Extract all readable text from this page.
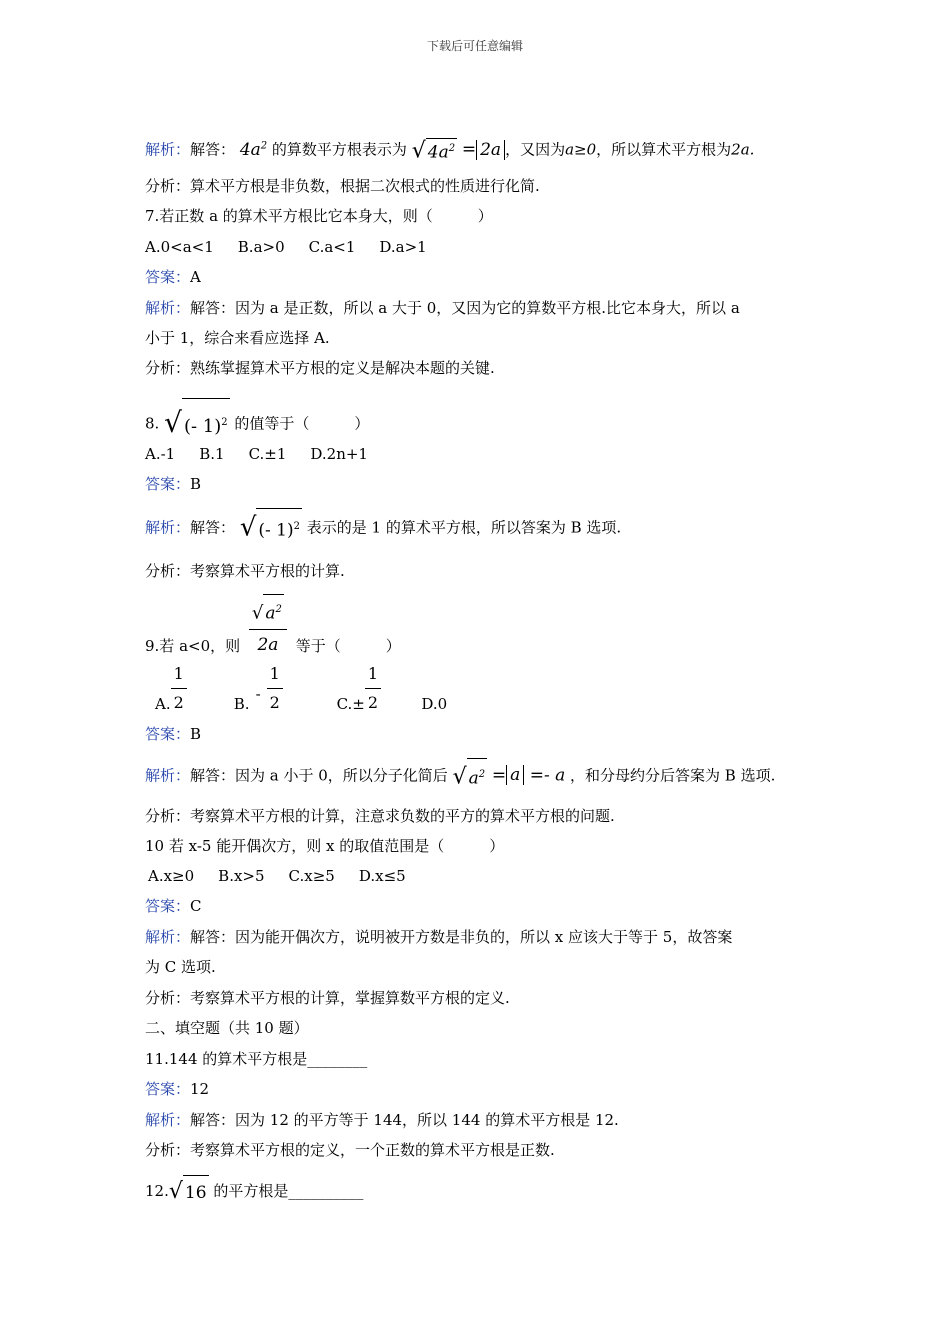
下载后可任意编辑
解析：解答： $4a^2$ 的算数平方根表示为 √ $4a^2 = 2a$ ，又因为a≥0，所以算术平方根为2a.
分析：算术平方根是非负数，根据二次根式的性质进行化简.
7.若正数 a 的算术平方根比它本身大，则（　　　）
A.0<a<1 B.a>0 C.a<1 D.a>1
答案：A
解析：解答：因为 a 是正数，所以 a 大于 0，又因为它的算数平方根.比它本身大，所以 a
小于 1，综合来看应选择 A.
分析：熟练掌握算术平方根的定义是解决本题的关键.
8. √ (- 1)$^2$ 的值等于（　　　）
A.-1 B.1 C.±1 D.2n+1
答案：B
解析：解答： √ (- 1)$^2$ 表示的是 1 的算术平方根，所以答案为 B 选项.
分析：考察算术平方根的计算.
9.若 a<0，则 $\frac{√ a^2}{2a}$ 等于（　　　）
A. $\frac{1}{2}$	$B.- \frac{1}{2}$	$C.\pm \frac{1}{2}$	D.0
答案：B
解析：解答：因为 a 小于 0，所以分子化简后 √ $a^2 = a =- a$ ，和分母约分后答案为 B 选项.
分析：考察算术平方根的计算，注意求负数的平方的算术平方根的问题.
10 若 x-5 能开偶次方，则 x 的取值范围是（　　　）
A.x≥0 B.x>5 C.x≥5 D.x≤5
答案：C
解析：解答：因为能开偶次方，说明被开方数是非负的，所以 x 应该大于等于 5，故答案
为 C 选项.
分析：考察算术平方根的计算，掌握算数平方根的定义.
二、填空题（共 10 题）
11.144 的算术平方根是________
答案：12
解析：解答：因为 12 的平方等于 144，所以 144 的算术平方根是 12.
分析：考察算术平方根的定义，一个正数的算术平方根是正数.
12.√ 16 的平方根是__________
